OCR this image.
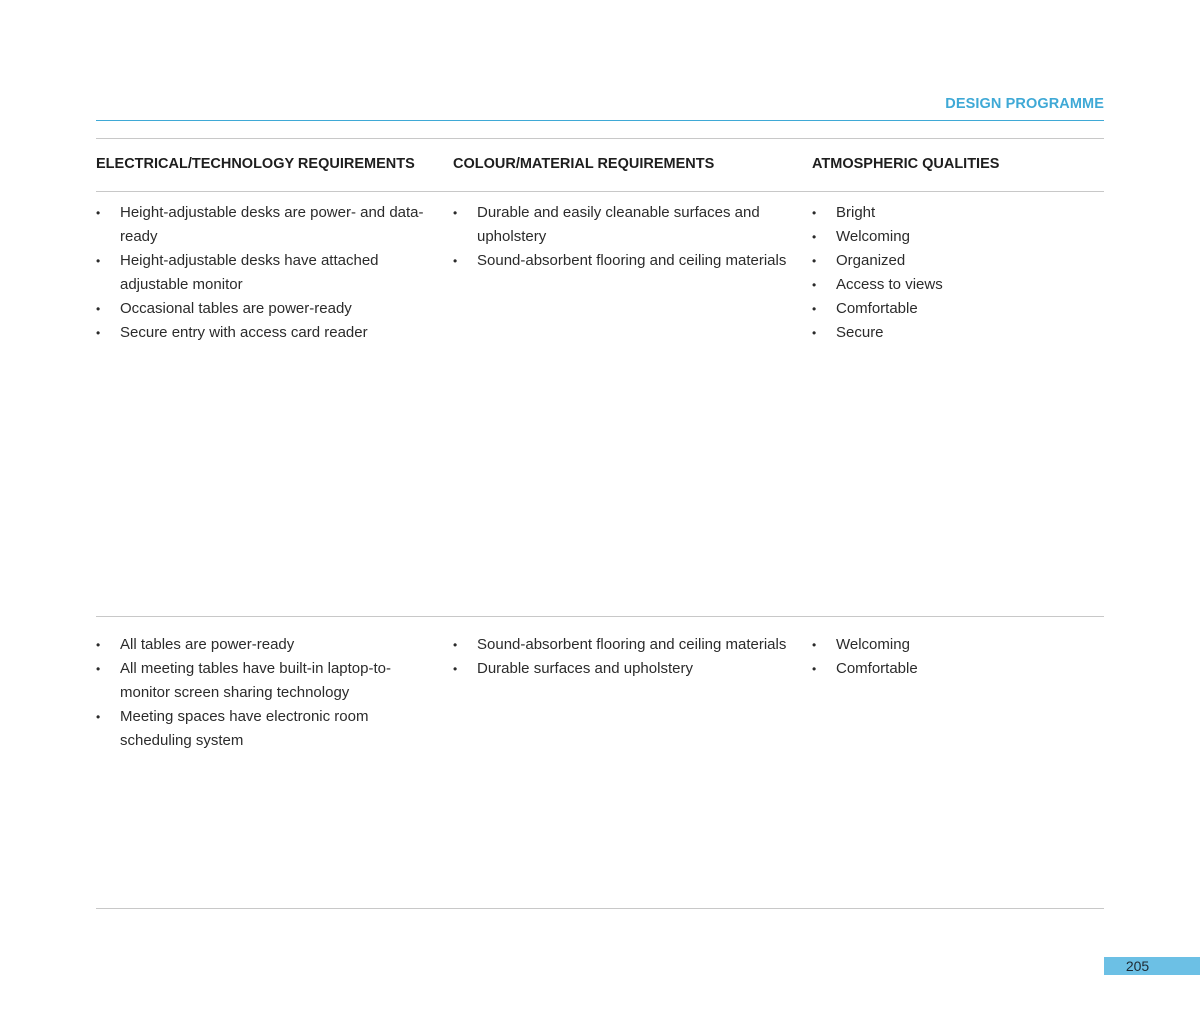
DESIGN PROGRAMME
ELECTRICAL/TECHNOLOGY REQUIREMENTS	COLOUR/MATERIAL REQUIREMENTS	ATMOSPHERIC QUALITIES
• Height-adjustable desks are power- and data-ready
• Height-adjustable desks have attached adjustable monitor
• Occasional tables are power-ready
• Secure entry with access card reader
• Durable and easily cleanable surfaces and upholstery
• Sound-absorbent flooring and ceiling materials
• Bright
• Welcoming
• Organized
• Access to views
• Comfortable
• Secure
• All tables are power-ready
• All meeting tables have built-in laptop-to-monitor screen sharing technology
• Meeting spaces have electronic room scheduling system
• Sound-absorbent flooring and ceiling materials
• Durable surfaces and upholstery
• Welcoming
• Comfortable
205
